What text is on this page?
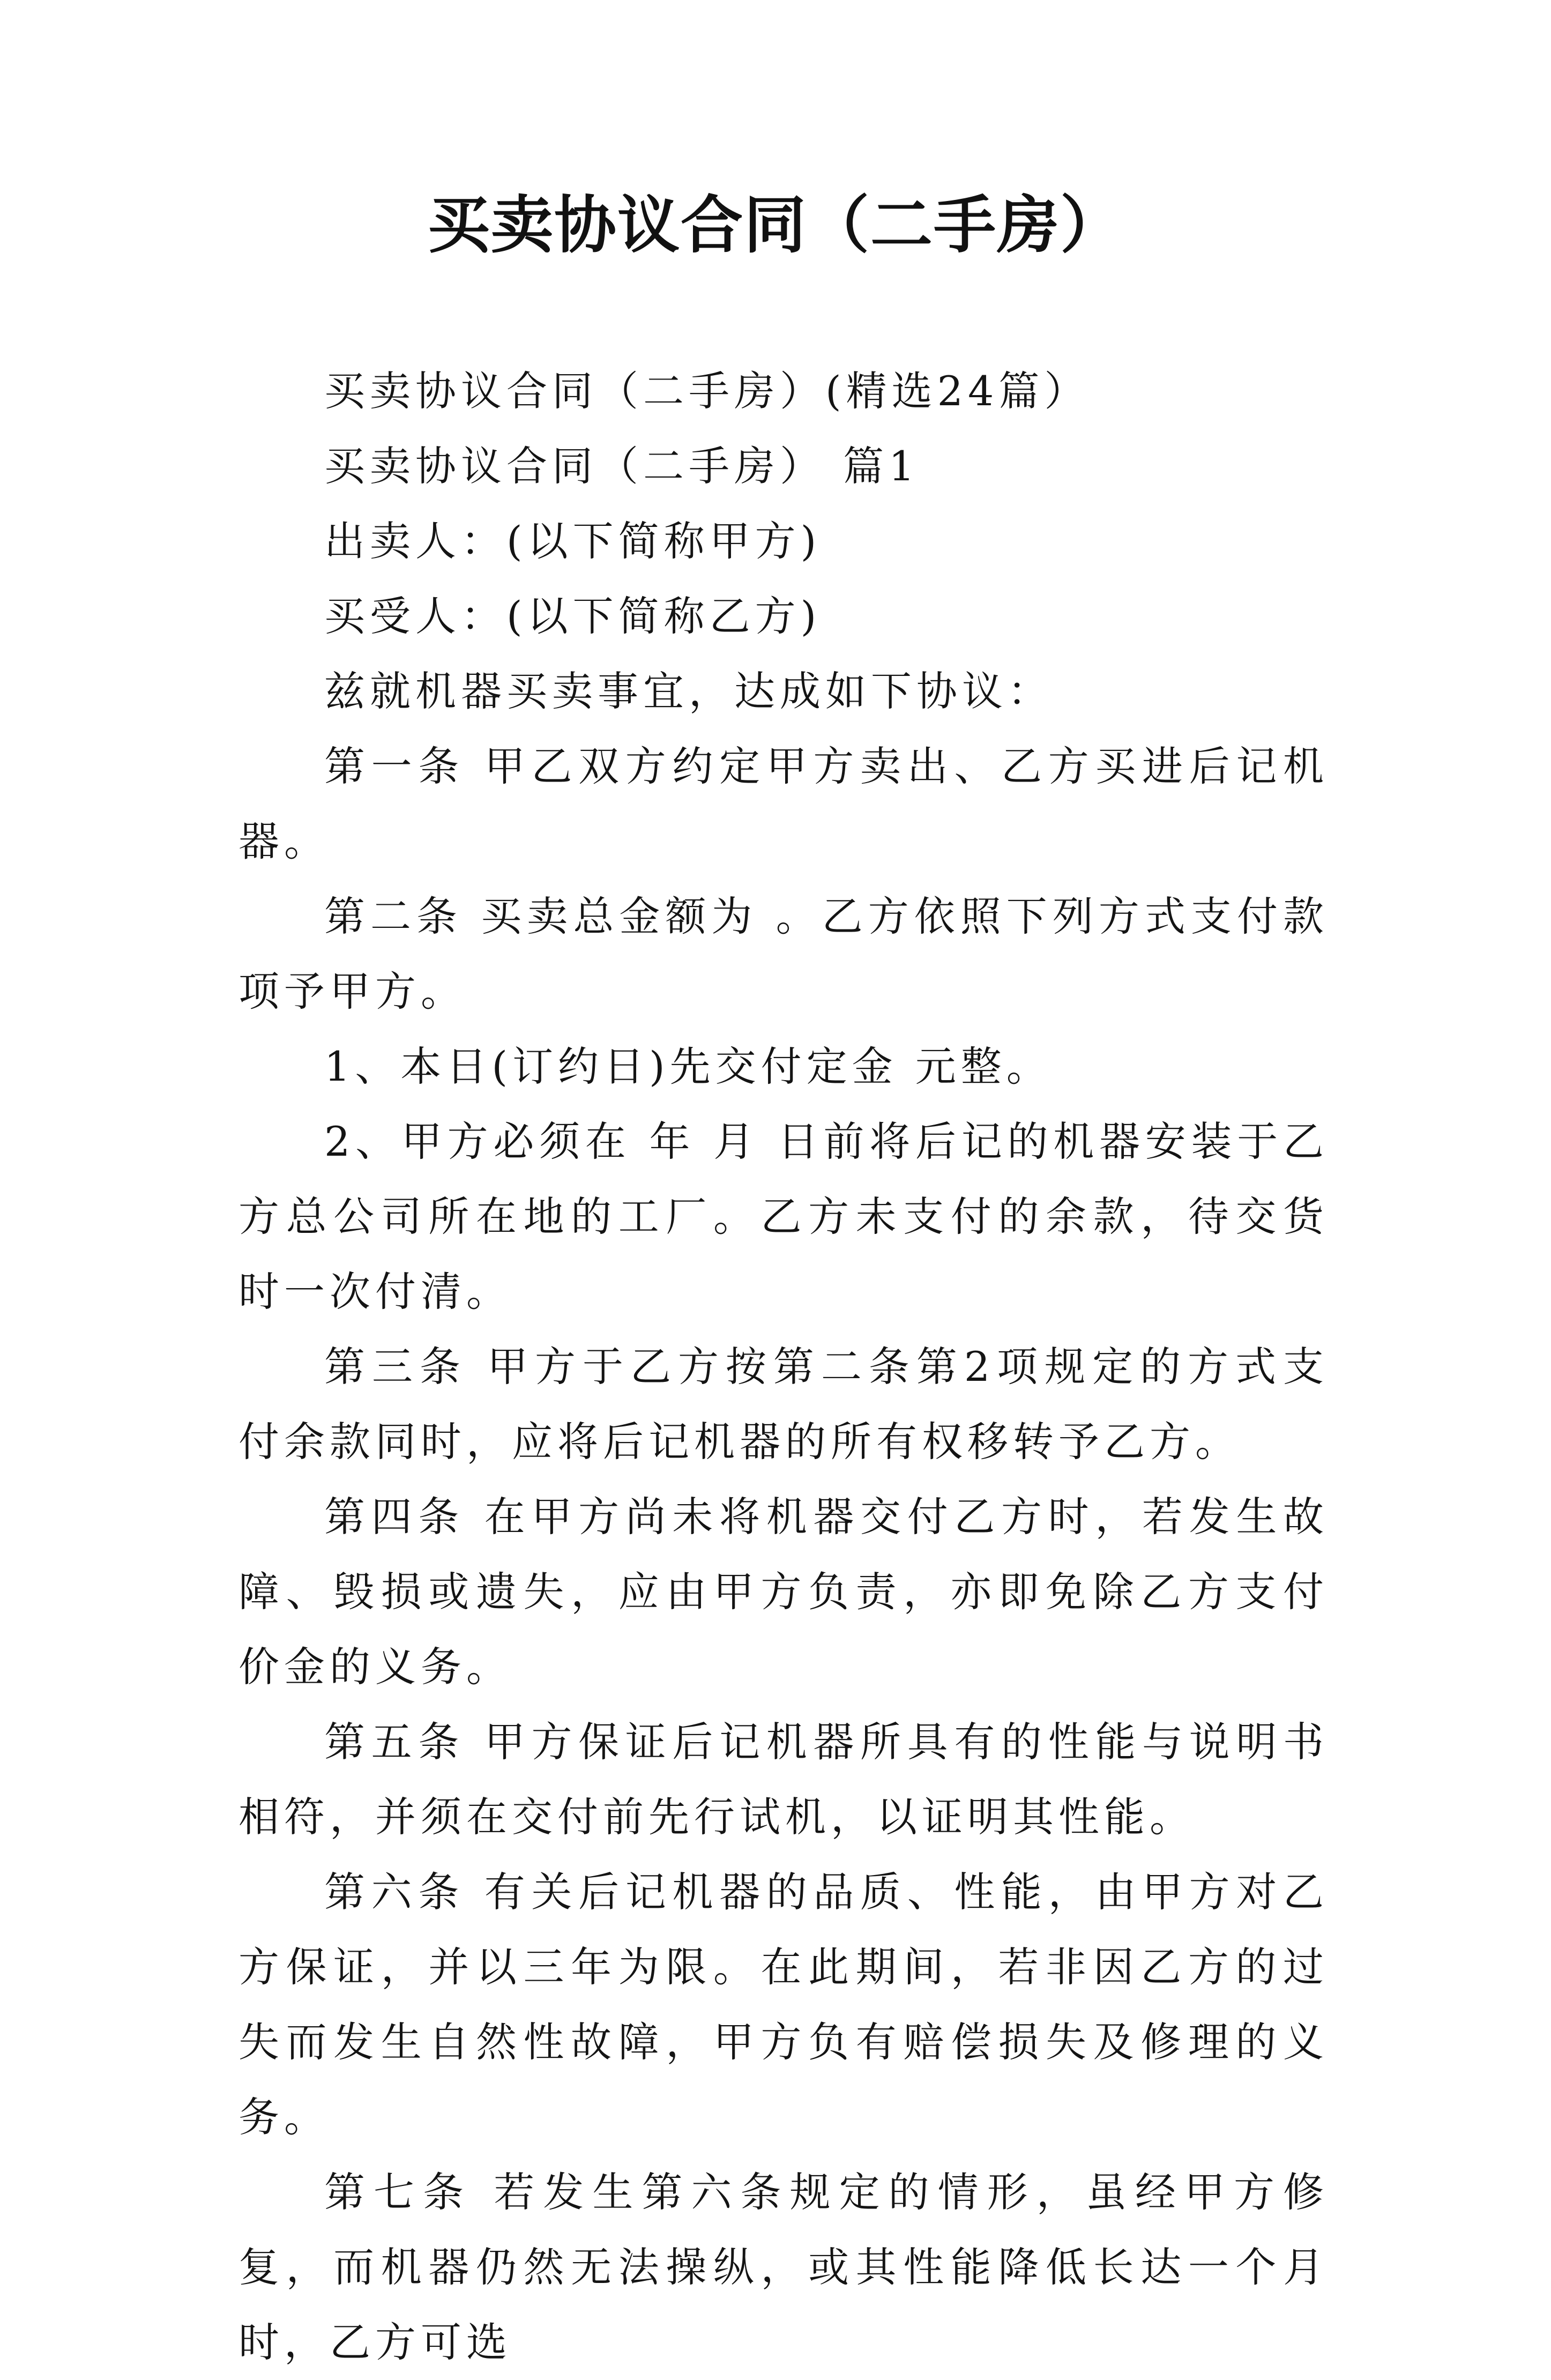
买卖协议合同（二手房）

买卖协议合同（二手房）(精选24篇）

买卖协议合同（二手房） 篇1

出卖人：(以下简称甲方)

买受人：(以下简称乙方)

兹就机器买卖事宜，达成如下协议：

第一条 甲乙双方约定甲方卖出、乙方买进后记机器。

第二条 买卖总金额为 。乙方依照下列方式支付款项予甲方。

1、本日(订约日)先交付定金 元整。

2、甲方必须在 年 月 日前将后记的机器安装于乙方总公司所在地的工厂。乙方未支付的余款，待交货时一次付清。

第三条 甲方于乙方按第二条第2项规定的方式支付余款同时，应将后记机器的所有权移转予乙方。

第四条 在甲方尚未将机器交付乙方时，若发生故障、毁损或遗失，应由甲方负责，亦即免除乙方支付价金的义务。

第五条 甲方保证后记机器所具有的性能与说明书相符，并须在交付前先行试机，以证明其性能。

第六条 有关后记机器的品质、性能，由甲方对乙方保证，并以三年为限。在此期间，若非因乙方的过失而发生自然性故障，甲方负有赔偿损失及修理的义务。

第七条 若发生第六条规定的情形，虽经甲方修复，而机器仍然无法操纵，或其性能降低长达一个月时，乙方可选
